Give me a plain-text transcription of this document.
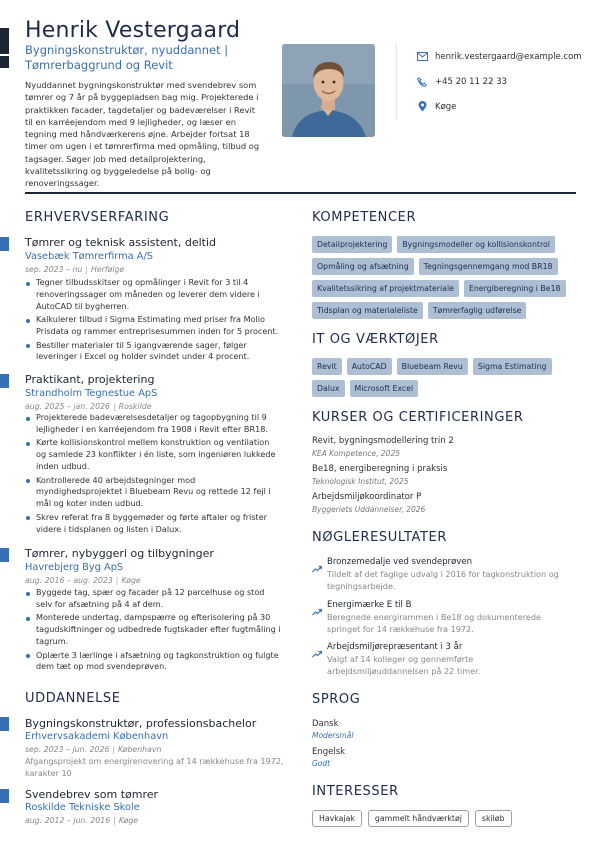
Henrik Vestergaard
Bygningskonstruktør, nyuddannet | Tømrerbaggrund og Revit
Nyuddannet bygningskonstruktør med svendebrev som tømrer og 7 år på byggepladsen bag mig. Projekterede i praktikken facader, tagdetaljer og badeværelser i Revit til en karréejendom med 9 lejligheder, og læser en tegning med håndværkerens øjne. Arbejder fortsat 18 timer om ugen i et tømrerfirma med opmåling, tilbud og tagsager. Søger job med detailprojektering, kvalitetssikring og byggeledelse på bolig- og renoveringssager.
henrik.vestergaard@example.com
+45 20 11 22 33
Køge
ERHVERVSERFARING
Tømrer og teknisk assistent, deltid
Vasebæk Tømrerfirma A/S
sep. 2023 – nu | Herfølge
Tegner tilbudsskitser og opmålinger i Revit for 3 til 4 renoveringssager om måneden og leverer dem videre i AutoCAD til bygherren.
Kalkulerer tilbud i Sigma Estimating med priser fra Molio Prisdata og rammer entreprisesummen inden for 5 procent.
Bestiller materialer til 5 igangværende sager, følger leveringer i Excel og holder svindet under 4 procent.
Praktikant, projektering
Strandholm Tegnestue ApS
aug. 2025 – jan. 2026 | Roskilde
Projekterede badeværelsesdetaljer og tagopbygning til 9 lejligheder i en karréejendom fra 1908 i Revit efter BR18.
Kørte kollisionskontrol mellem konstruktion og ventilation og samlede 23 konflikter i én liste, som ingeniøren lukkede inden udbud.
Kontrollerede 40 arbejdstegninger mod myndighedsprojektet i Bluebeam Revu og rettede 12 fejl i mål og koter inden udbud.
Skrev referat fra 8 byggemøder og førte aftaler og frister videre i tidsplanen og listen i Dalux.
Tømrer, nybyggeri og tilbygninger
Havrebjerg Byg ApS
aug. 2016 – aug. 2023 | Køge
Byggede tag, spær og facader på 12 parcelhuse og stod selv for afsætning på 4 af dem.
Monterede undertag, dampspærre og efterisolering på 30 tagudskiftninger og udbedrede fugtskader efter fugtmåling i tagrum.
Oplærte 3 lærlinge i afsætning og tagkonstruktion og fulgte dem tæt op mod svendeprøven.
UDDANNELSE
Bygningskonstruktør, professionsbachelor
Erhvervsakademi København
sep. 2023 – jun. 2026 | København
Afgangsprojekt om energirenovering af 14 rækkehuse fra 1972, karakter 10
Svendebrev som tømrer
Roskilde Tekniske Skole
aug. 2012 – jun. 2016 | Køge
KOMPETENCER
Detailprojektering	Bygningsmodeller og kollisionskontrol
Opmåling og afsætning	Tegningsgennemgang mod BR18
Kvalitetssikring af projektmateriale	Energiberegning i Be18
Tidsplan og materialeliste	Tømrerfaglig udførelse
IT OG VÆRKTØJER
Revit	AutoCAD	Bluebeam Revu	Sigma Estimating
Dalux	Microsoft Excel
KURSER OG CERTIFICERINGER
Revit, bygningsmodellering trin 2
KEA Kompetence, 2025
Be18, energiberegning i praksis
Teknologisk Institut, 2025
Arbejdsmiljøkoordinator P
Byggeriets Uddannelser, 2026
NØGLERESULTATER
Bronzemedalje ved svendeprøven
Tildelt af det faglige udvalg i 2016 for tagkonstruktion og tegningsarbejde.
Energimærke E til B
Beregnede energirammen i Be18 og dokumenterede springet for 14 rækkehuse fra 1972.
Arbejdsmiljørepræsentant i 3 år
Valgt af 14 kolleger og gennemførte arbejdsmiljøuddannelsen på 22 timer.
SPROG
Dansk
Modersmål
Engelsk
Godt
INTERESSER
Havkajak	gammelt håndværktøj	skiløb
